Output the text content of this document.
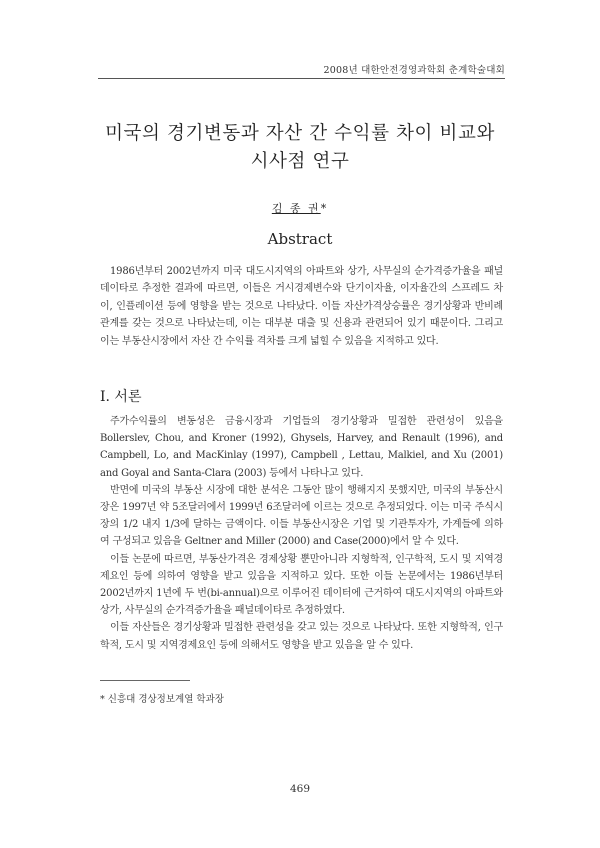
2008년 대한안전경영과학회 춘계학술대회
미국의 경기변동과 자산 간 수익률 차이 비교와
시사점 연구
김 종 권*
Abstract
1986년부터 2002년까지 미국 대도시지역의 아파트와 상가, 사무실의 순가격증가율을 패널데이타로 추정한 결과에 따르면, 이들은 거시경제변수와 단기이자율, 이자율간의 스프레드 차이, 인플레이션 등에 영향을 받는 것으로 나타났다. 이들 자산가격상승률은 경기상황과 반비례관계를 갖는 것으로 나타났는데, 이는 대부분 대출 및 신용과 관련되어 있기 때문이다. 그리고 이는 부동산시장에서 자산 간 수익률 격차를 크게 넓힐 수 있음을 지적하고 있다.
Ⅰ. 서론

주가수익률의 변동성은 금융시장과 기업들의 경기상황과 밀접한 관련성이 있음을 Bollerslev, Chou, and Kroner (1992), Ghysels, Harvey, and Renault (1996), and Campbell, Lo, and MacKinlay (1997), Campbell , Lettau, Malkiel, and Xu (2001) and Goyal and Santa-Clara (2003) 등에서 나타나고 있다.

반면에 미국의 부동산 시장에 대한 분석은 그동안 많이 행해지지 못했지만, 미국의 부동산시장은 1997년 약 5조달러에서 1999년 6조달러에 이르는 것으로 추정되었다. 이는 미국 주식시장의 1/2 내지 1/3에 달하는 금액이다. 이들 부동산시장은 기업 및 기관투자가, 가계들에 의하여 구성되고 있음을 Geltner and Miller (2000) and Case(2000)에서 알 수 있다.

이들 논문에 따르면, 부동산가격은 경제상황 뿐만아니라 지형학적, 인구학적, 도시 및 지역경제요인 등에 의하여 영향을 받고 있음을 지적하고 있다. 또한 이들 논문에서는 1986년부터 2002년까지 1년에 두 번(bi-annual)으로 이루어진 데이터에 근거하여 대도시지역의 아파트와 상가, 사무실의 순가격증가율을 패널데이타로 추정하였다.

이들 자산들은 경기상황과 밀접한 관련성을 갖고 있는 것으로 나타났다. 또한 지형학적, 인구학적, 도시 및 지역경제요인 등에 의해서도 영향을 받고 있음을 알 수 있다.

* 신흥대 경상정보계열 학과장
469
